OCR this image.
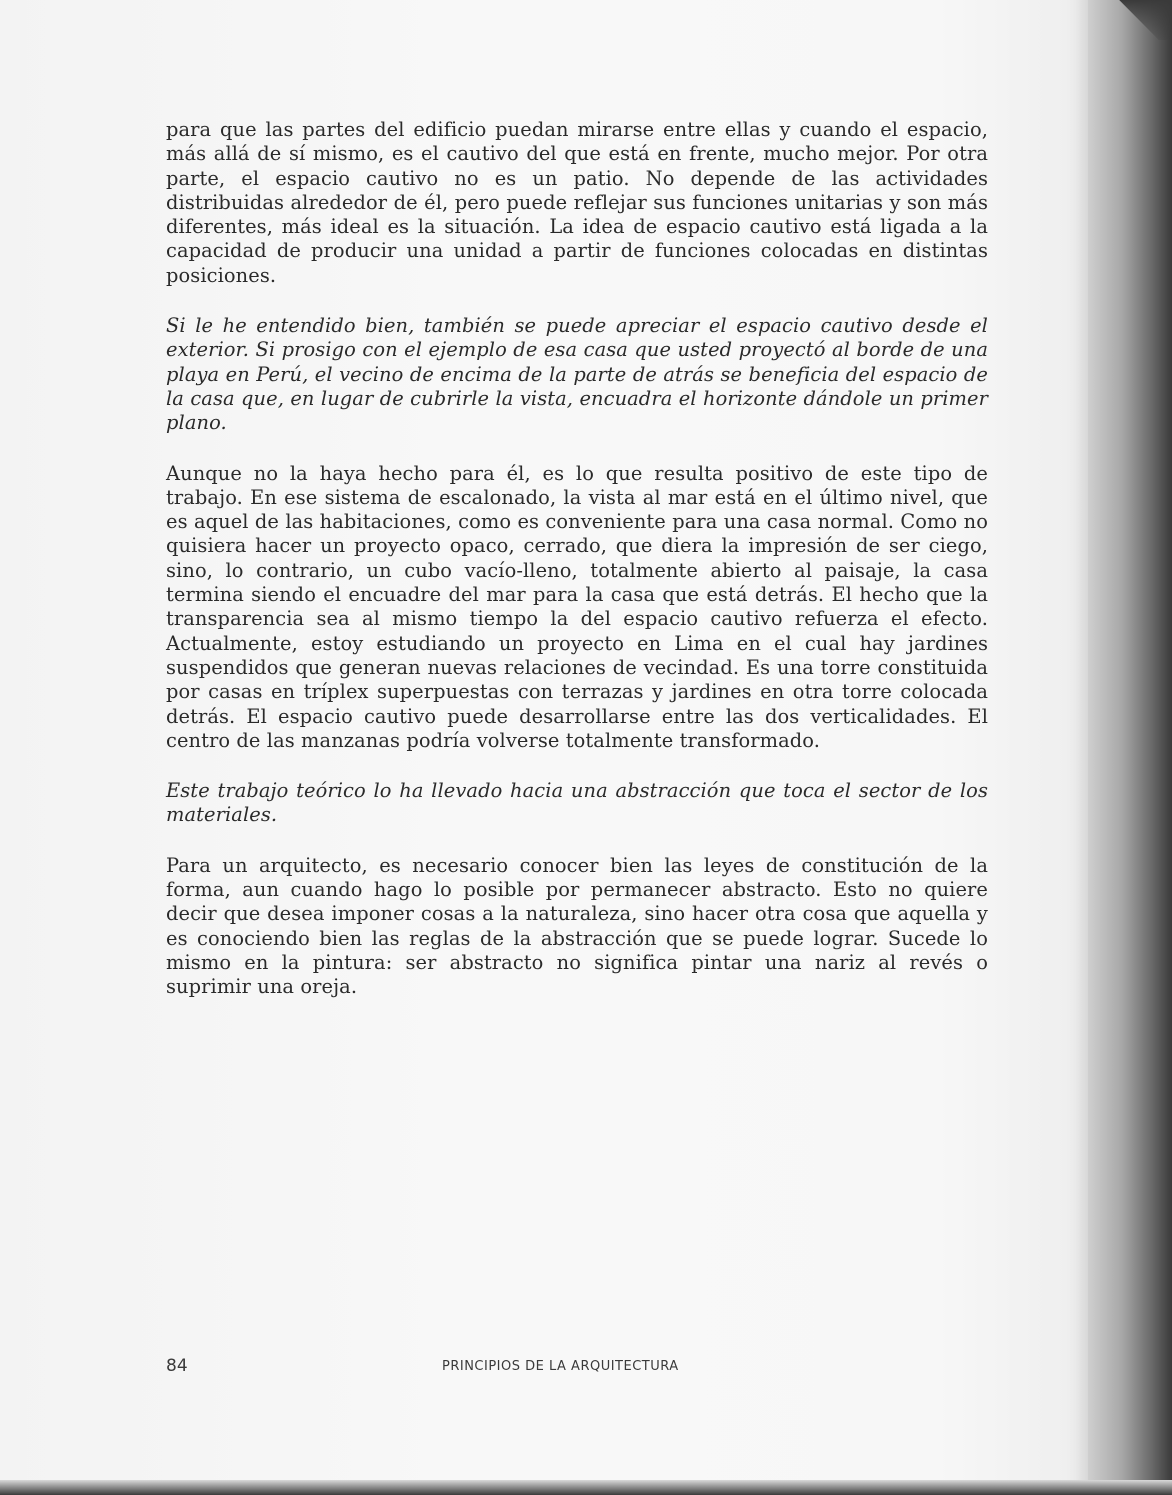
para que las partes del edificio puedan mirarse entre ellas y cuando el espacio, más allá de sí mismo, es el cautivo del que está en frente, mucho mejor. Por otra parte, el espacio cautivo no es un patio. No depende de las actividades distribuidas alrededor de él, pero puede reflejar sus funciones unitarias y son más diferentes, más ideal es la situación. La idea de espacio cautivo está ligada a la capacidad de producir una unidad a partir de funciones colocadas en distintas posiciones.

Si le he entendido bien, también se puede apreciar el espacio cautivo desde el exterior. Si prosigo con el ejemplo de esa casa que usted proyectó al borde de una playa en Perú, el vecino de encima de la parte de atrás se beneficia del espacio de la casa que, en lugar de cubrirle la vista, encuadra el horizonte dándole un primer plano.

Aunque no la haya hecho para él, es lo que resulta positivo de este tipo de trabajo. En ese sistema de escalonado, la vista al mar está en el último nivel, que es aquel de las habitaciones, como es conveniente para una casa normal. Como no quisiera hacer un proyecto opaco, cerrado, que diera la impresión de ser ciego, sino, lo contrario, un cubo vacío-lleno, totalmente abierto al paisaje, la casa termina siendo el encuadre del mar para la casa que está detrás. El hecho que la transparencia sea al mismo tiempo la del espacio cautivo refuerza el efecto. Actualmente, estoy estudiando un proyecto en Lima en el cual hay jardines suspendidos que generan nuevas relaciones de vecindad. Es una torre constituida por casas en tríplex superpuestas con terrazas y jardines en otra torre colocada detrás. El espacio cautivo puede desarrollarse entre las dos verticalidades. El centro de las manzanas podría volverse totalmente transformado.

Este trabajo teórico lo ha llevado hacia una abstracción que toca el sector de los materiales.

Para un arquitecto, es necesario conocer bien las leyes de constitución de la forma, aun cuando hago lo posible por permanecer abstracto. Esto no quiere decir que desea imponer cosas a la naturaleza, sino hacer otra cosa que aquella y es conociendo bien las reglas de la abstracción que se puede lograr. Sucede lo mismo en la pintura: ser abstracto no significa pintar una nariz al revés o suprimir una oreja.

84	PRINCIPIOS DE LA ARQUITECTURA
